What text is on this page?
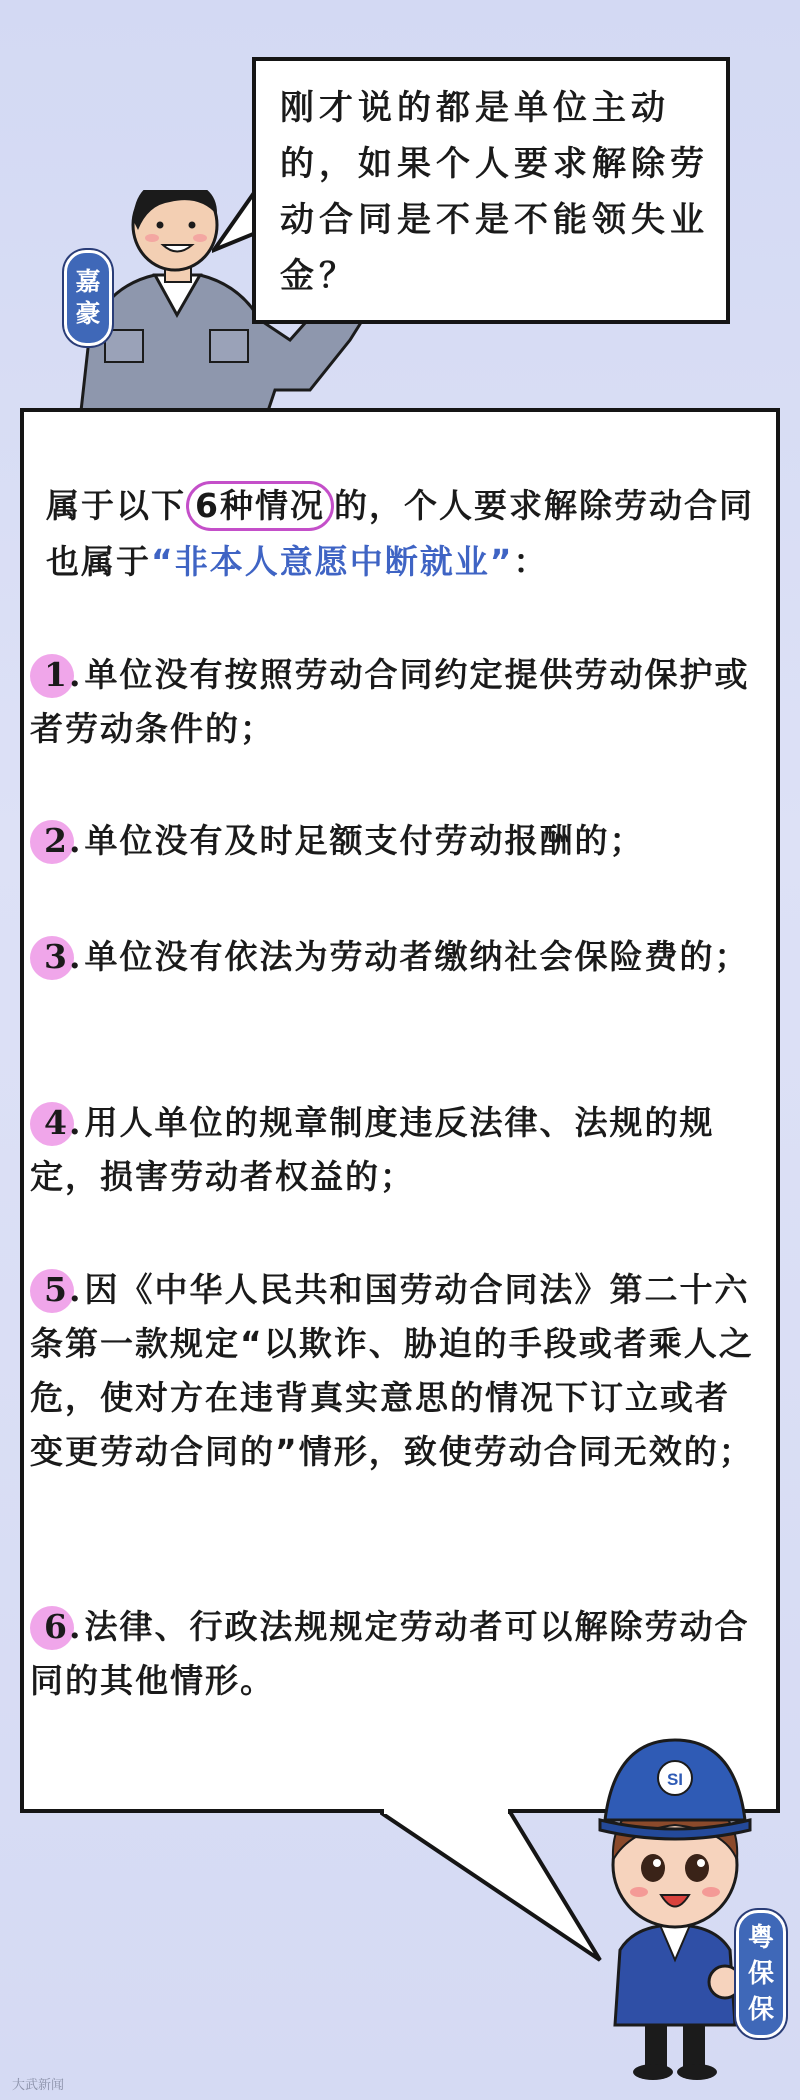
嘉
豪
刚才说的都是单位主动的，如果个人要求解除劳动合同是不是不能领失业金？
属于以下 6种情况 的，个人要求解除劳动合同也属于“非本人意愿中断就业”：
1.单位没有按照劳动合同约定提供劳动保护或者劳动条件的；
2.单位没有及时足额支付劳动报酬的；
3.单位没有依法为劳动者缴纳社会保险费的；
4.用人单位的规章制度违反法律、法规的规定，损害劳动者权益的；
5.因《中华人民共和国劳动合同法》第二十六条第一款规定“以欺诈、胁迫的手段或者乘人之危，使对方在违背真实意思的情况下订立或者变更劳动合同的”情形，致使劳动合同无效的；
6.法律、行政法规规定劳动者可以解除劳动合同的其他情形。
SI
粤
保
保
大武新闻
